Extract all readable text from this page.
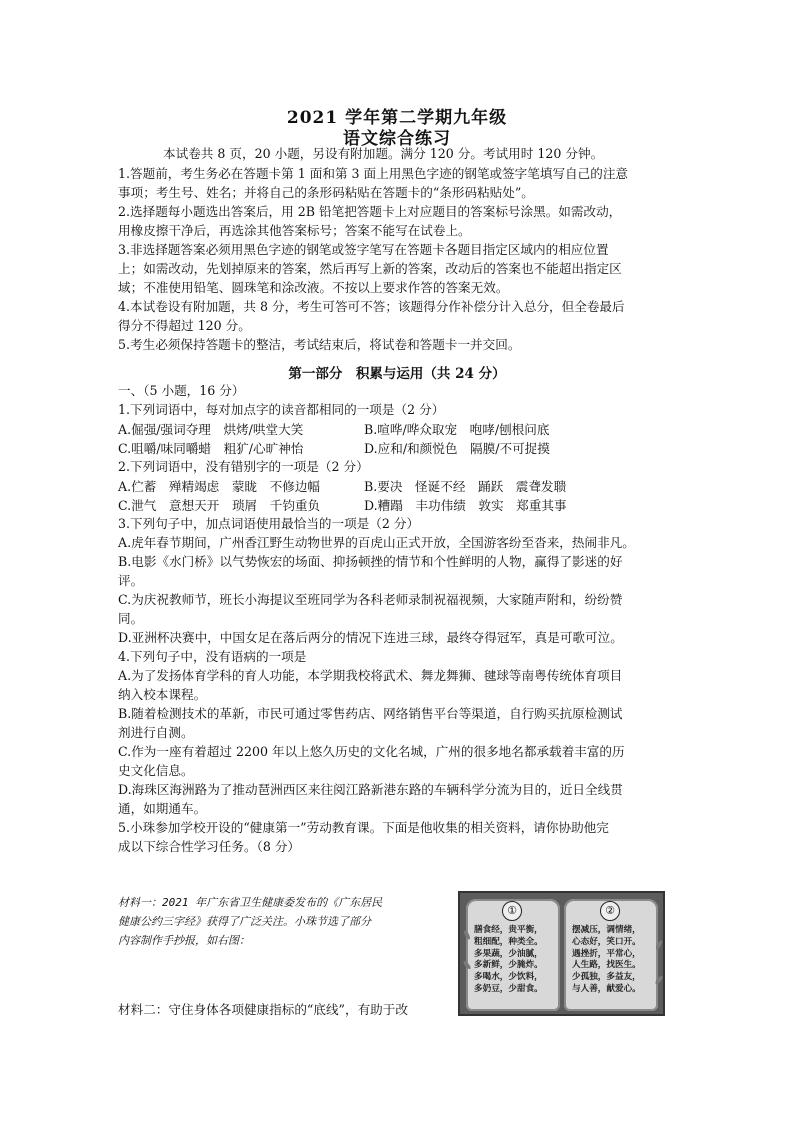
2021 学年第二学期九年级
语文综合练习
本试卷共 8 页，20 小题，另设有附加题。满分 120 分。考试用时 120 分钟。
1.答题前，考生务必在答题卡第 1 面和第 3 面上用黑色字迹的钢笔或签字笔填写自己的注意
事项；考生号、姓名；并将自己的条形码粘贴在答题卡的“条形码粘贴处”。
2.选择题每小题选出答案后，用 2B 铅笔把答题卡上对应题目的答案标号涂黑。如需改动，
用橡皮擦干净后，再选涂其他答案标号；答案不能写在试卷上。
3.非选择题答案必须用黑色字迹的钢笔或签字笔写在答题卡各题目指定区域内的相应位置
上；如需改动，先划掉原来的答案，然后再写上新的答案，改动后的答案也不能超出指定区
域；不准使用铅笔、圆珠笔和涂改液。不按以上要求作答的答案无效。
4.本试卷设有附加题，共 8 分，考生可答可不答；该题得分作补偿分计入总分，但全卷最后
得分不得超过 120 分。
5.考生必须保持答题卡的整洁，考试结束后，将试卷和答题卡一并交回。
第一部分　积累与运用（共 24 分）
一、（5 小题，16 分）
1.下列词语中，每对加点字的读音都相同的一项是（2 分）
A.倔强/强词夺理　烘烤/哄堂大笑	B.喧哗/哗众取宠　咆哮/刨根问底
C.咀嚼/味同嚼蜡　粗犷/心旷神怡	D.应和/和颜悦色　隔膜/不可捉摸
2.下列词语中，没有错别字的一项是（2 分）
A.伫蓄　殚精竭虑　蒙眬　不修边幅	B.要决　怪诞不经　踊跃　震聋发聩
C.泄气　意想天开　琐屑　千钧重负	D.糟蹋　丰功伟绩　敦实　郑重其事
3.下列句子中，加点词语使用最恰当的一项是（2 分）
A.虎年春节期间，广州香江野生动物世界的百虎山正式开放，全国游客纷至沓来，热闹非凡。
B.电影《水门桥》以气势恢宏的场面、抑扬顿挫的情节和个性鲜明的人物，赢得了影迷的好
评。
C.为庆祝教师节，班长小海提议至班同学为各科老师录制祝福视频，大家随声附和，纷纷赞
同。
D.亚洲杯决赛中，中国女足在落后两分的情况下连进三球，最终夺得冠军，真是可歌可泣。
4.下列句子中，没有语病的一项是
A.为了发扬体育学科的育人功能，本学期我校将武术、舞龙舞狮、毽球等南粤传统体育项目
纳入校本课程。
B.随着检测技术的革新，市民可通过零售药店、网络销售平台等渠道，自行购买抗原检测试
剂进行自测。
C.作为一座有着超过 2200 年以上悠久历史的文化名城，广州的很多地名都承载着丰富的历
史文化信息。
D.海珠区海洲路为了推动琶洲西区来往阅江路新港东路的车辆科学分流为目的，近日全线贯
通，如期通车。
5.小珠参加学校开设的“健康第一”劳动教育课。下面是他收集的相关资料，请你协助他完
成以下综合性学习任务。（8 分）
材料一：2021 年广东省卫生健康委发布的《广东居民
健康公约三字经》获得了广泛关注。小珠节选了部分
内容制作手抄报，如右图：
材料二：守住身体各项健康指标的“底线”，有助于改
①
膳食经，贵平衡，
粗细配，种类全。
多果蔬，少油腻，
多新鲜，少腌炸。
多喝水，少饮料，
多奶豆，少甜食。
②
摆减压，调情绪，
心态好，笑口开。
遇挫折，平常心，
人生路，找医生。
少孤独，多益友，
与人善，献爱心。
